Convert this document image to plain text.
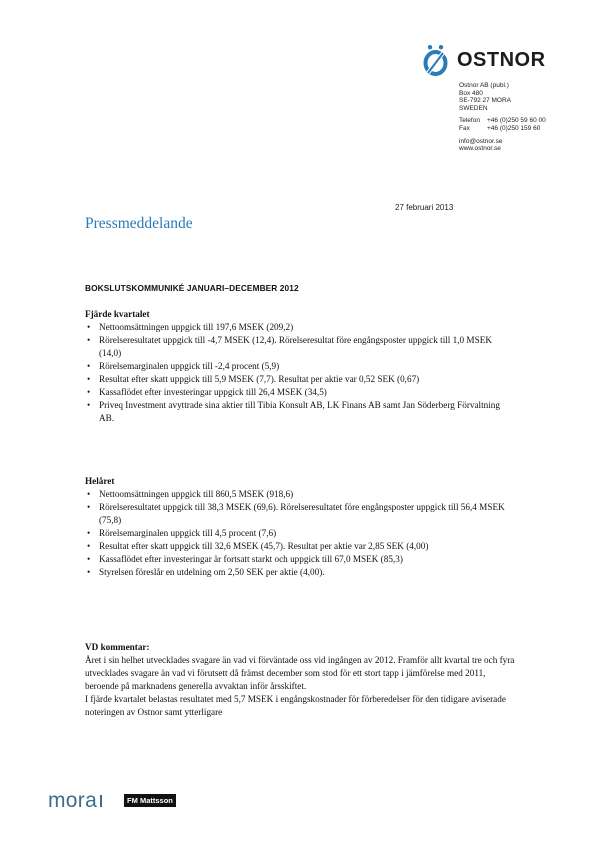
OSTNOR
Ostnor AB (publ.)
Box 480
SE-792 27 MORA
SWEDEN
Telefon	+46 (0)250 59 60 00
Fax	+46 (0)250 159 60
info@ostnor.se
www.ostnor.se
27 februari 2013
Pressmeddelande
BOKSLUTSKOMMUNIKÉ JANUARI–DECEMBER 2012
Fjärde kvartalet
• Nettoomsättningen uppgick till 197,6 MSEK (209,2)
• Rörelseresultatet uppgick till -4,7 MSEK (12,4). Rörelseresultat före engångsposter uppgick till 1,0 MSEK (14,0)
• Rörelsemarginalen uppgick till -2,4 procent (5,9)
• Resultat efter skatt uppgick till 5,9 MSEK (7,7). Resultat per aktie var 0,52 SEK (0,67)
• Kassaflödet efter investeringar uppgick till 26,4 MSEK (34,5)
• Priveq Investment avyttrade sina aktier till Tibia Konsult AB, LK Finans AB samt Jan Söderberg Förvaltning AB.
Helåret
• Nettoomsättningen uppgick till 860,5 MSEK (918,6)
• Rörelseresultatet uppgick till 38,3 MSEK (69,6). Rörelseresultatet före engångsposter uppgick till 56,4 MSEK (75,8)
• Rörelsemarginalen uppgick till 4,5 procent (7,6)
• Resultat efter skatt uppgick till 32,6 MSEK (45,7). Resultat per aktie var 2,85 SEK (4,00)
• Kassaflödet efter investeringar är fortsatt starkt och uppgick till 67,0 MSEK (85,3)
• Styrelsen föreslår en utdelning om 2,50 SEK per aktie (4,00).
VD kommentar:

Året i sin helhet utvecklades svagare än vad vi förväntade oss vid ingången av 2012. Framför allt kvartal tre och fyra utvecklades svagare än vad vi förutsett då främst december som stod för ett stort tapp i jämförelse med 2011, beroende på marknadens generella avvaktan inför årsskiftet.

I fjärde kvartalet belastas resultatet med 5,7 MSEK i engångskostnader för förberedelser för den tidigare aviserade noteringen av Ostnor samt ytterligare

mora	FM Mattsson
